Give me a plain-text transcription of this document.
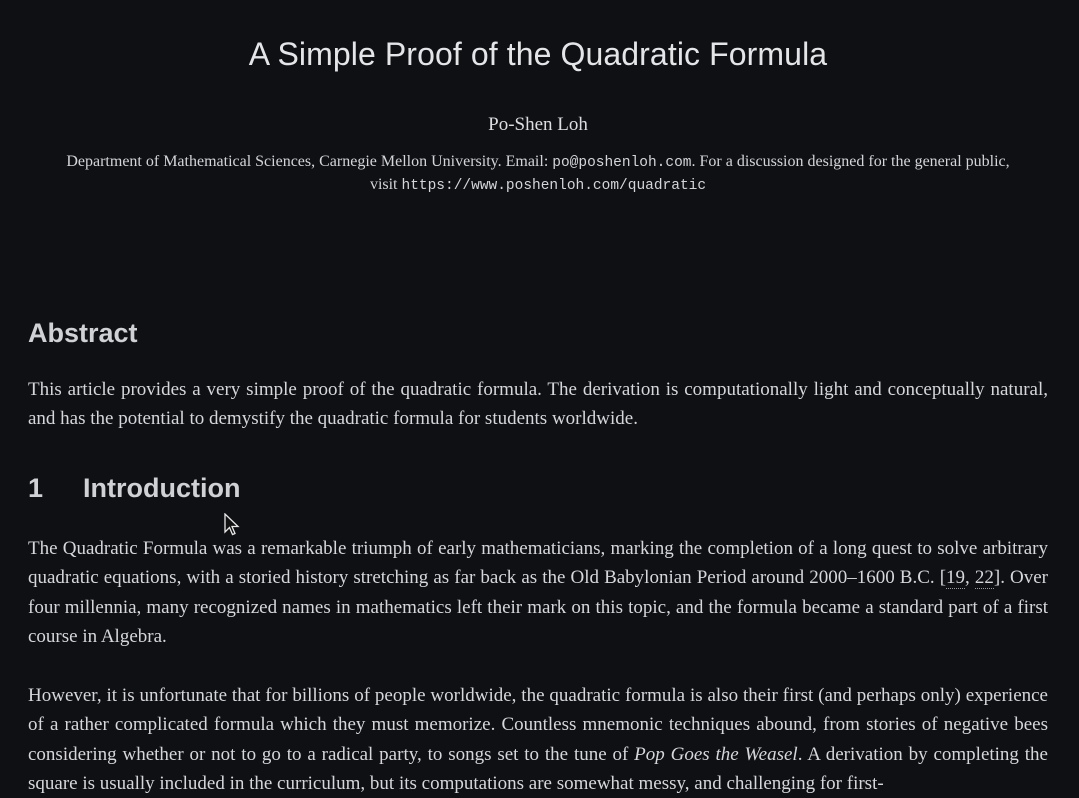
A Simple Proof of the Quadratic Formula
Po-Shen Loh
Department of Mathematical Sciences, Carnegie Mellon University. Email: po@poshenloh.com. For a discussion designed for the general public, visit https://www.poshenloh.com/quadratic
Abstract

This article provides a very simple proof of the quadratic formula. The derivation is computationally light and conceptually natural, and has the potential to demystify the quadratic formula for students worldwide.

1 Introduction

The Quadratic Formula was a remarkable triumph of early mathematicians, marking the completion of a long quest to solve arbitrary quadratic equations, with a storied history stretching as far back as the Old Babylonian Period around 2000–1600 B.C. [19, 22]. Over four millennia, many recognized names in mathematics left their mark on this topic, and the formula became a standard part of a first course in Algebra.

However, it is unfortunate that for billions of people worldwide, the quadratic formula is also their first (and perhaps only) experience of a rather complicated formula which they must memorize. Countless mnemonic techniques abound, from stories of negative bees considering whether or not to go to a radical party, to songs set to the tune of Pop Goes the Weasel. A derivation by completing the square is usually included in the curriculum, but its computations are somewhat messy, and challenging for first-
